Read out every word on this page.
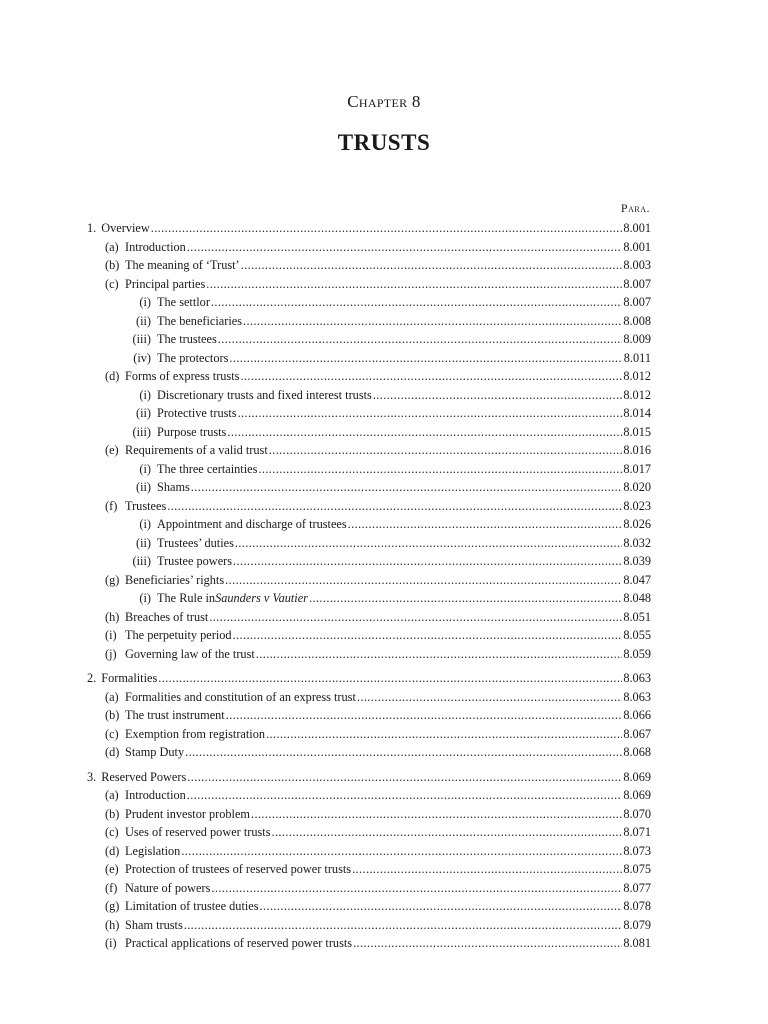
Chapter 8
TRUSTS
Para.
1. Overview .....	8.001
(a) Introduction .....	8.001
(b) The meaning of ‘Trust’ .....	8.003
(c) Principal parties .....	8.007
(i) The settlor .....	8.007
(ii) The beneficiaries .....	8.008
(iii) The trustees .....	8.009
(iv) The protectors .....	8.011
(d) Forms of express trusts .....	8.012
(i) Discretionary trusts and fixed interest trusts .....	8.012
(ii) Protective trusts .....	8.014
(iii) Purpose trusts .....	8.015
(e) Requirements of a valid trust .....	8.016
(i) The three certainties .....	8.017
(ii) Shams .....	8.020
(f) Trustees .....	8.023
(i) Appointment and discharge of trustees .....	8.026
(ii) Trustees’ duties .....	8.032
(iii) Trustee powers .....	8.039
(g) Beneficiaries’ rights .....	8.047
(i) The Rule in Saunders v Vautier .....	8.048
(h) Breaches of trust .....	8.051
(i) The perpetuity period .....	8.055
(j) Governing law of the trust .....	8.059
2. Formalities .....	8.063
(a) Formalities and constitution of an express trust .....	8.063
(b) The trust instrument .....	8.066
(c) Exemption from registration .....	8.067
(d) Stamp Duty .....	8.068
3. Reserved Powers .....	8.069
(a) Introduction .....	8.069
(b) Prudent investor problem .....	8.070
(c) Uses of reserved power trusts .....	8.071
(d) Legislation .....	8.073
(e) Protection of trustees of reserved power trusts .....	8.075
(f) Nature of powers .....	8.077
(g) Limitation of trustee duties .....	8.078
(h) Sham trusts .....	8.079
(i) Practical applications of reserved power trusts .....	8.081
